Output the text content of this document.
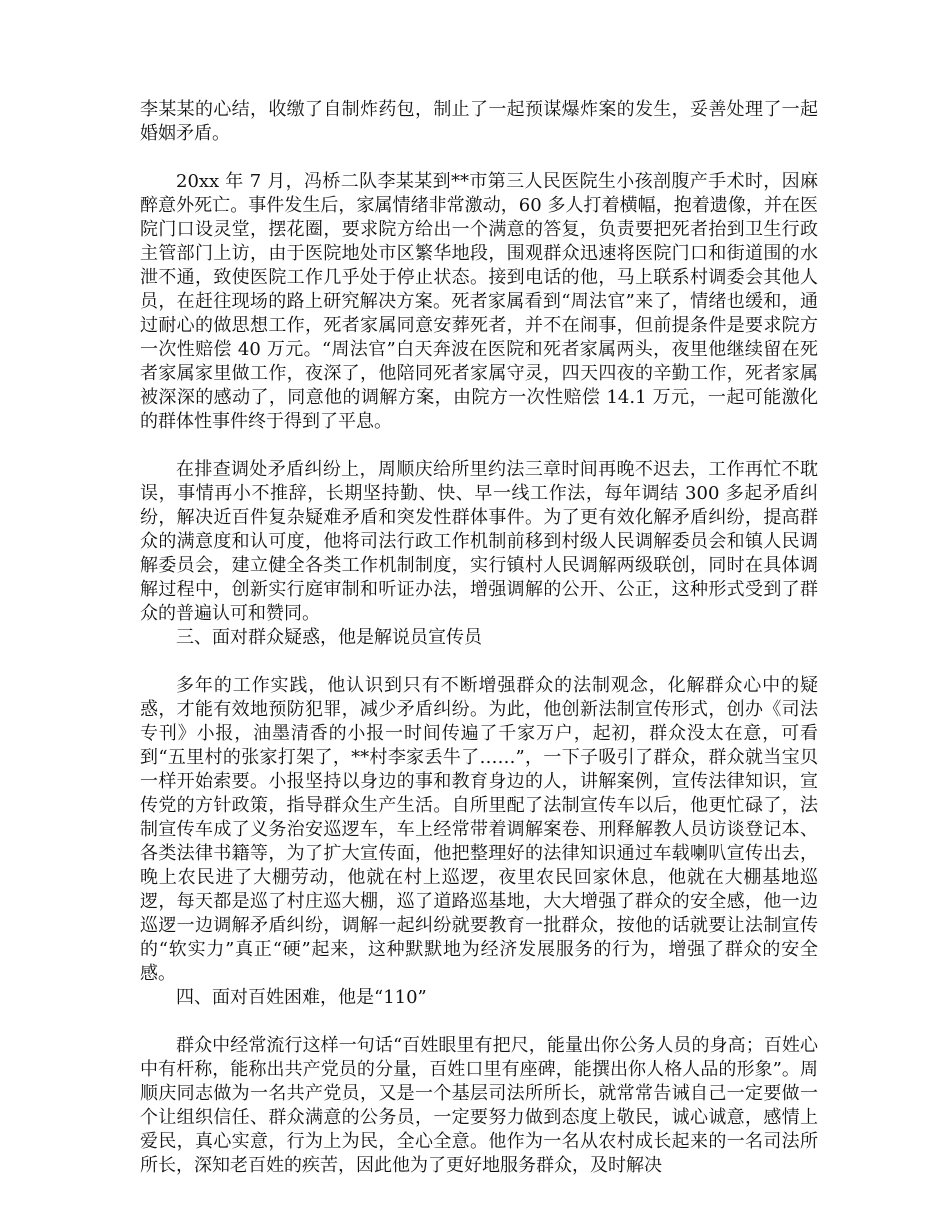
李某某的心结，收缴了自制炸药包，制止了一起预谋爆炸案的发生，妥善处理了一起婚姻矛盾。

20xx 年 7 月，冯桥二队李某某到**市第三人民医院生小孩剖腹产手术时，因麻醉意外死亡。事件发生后，家属情绪非常激动，60 多人打着横幅，抱着遗像，并在医院门口设灵堂，摆花圈，要求院方给出一个满意的答复，负责要把死者抬到卫生行政主管部门上访，由于医院地处市区繁华地段，围观群众迅速将医院门口和街道围的水泄不通，致使医院工作几乎处于停止状态。接到电话的他，马上联系村调委会其他人员，在赶往现场的路上研究解决方案。死者家属看到“周法官”来了，情绪也缓和，通过耐心的做思想工作，死者家属同意安葬死者，并不在闹事，但前提条件是要求院方一次性赔偿 40 万元。“周法官”白天奔波在医院和死者家属两头，夜里他继续留在死者家属家里做工作，夜深了，他陪同死者家属守灵，四天四夜的辛勤工作，死者家属被深深的感动了，同意他的调解方案，由院方一次性赔偿 14.1 万元，一起可能激化的群体性事件终于得到了平息。

在排查调处矛盾纠纷上，周顺庆给所里约法三章时间再晚不迟去，工作再忙不耽误，事情再小不推辞，长期坚持勤、快、早一线工作法，每年调结 300 多起矛盾纠纷，解决近百件复杂疑难矛盾和突发性群体事件。为了更有效化解矛盾纠纷，提高群众的满意度和认可度，他将司法行政工作机制前移到村级人民调解委员会和镇人民调解委员会，建立健全各类工作机制制度，实行镇村人民调解两级联创，同时在具体调解过程中，创新实行庭审制和听证办法，增强调解的公开、公正，这种形式受到了群众的普遍认可和赞同。

三、面对群众疑惑，他是解说员宣传员

多年的工作实践，他认识到只有不断增强群众的法制观念，化解群众心中的疑惑，才能有效地预防犯罪，减少矛盾纠纷。为此，他创新法制宣传形式，创办《司法专刊》小报，油墨清香的小报一时间传遍了千家万户，起初，群众没太在意，可看到“五里村的张家打架了，**村李家丢牛了……”，一下子吸引了群众，群众就当宝贝一样开始索要。小报坚持以身边的事和教育身边的人，讲解案例，宣传法律知识，宣传党的方针政策，指导群众生产生活。自所里配了法制宣传车以后，他更忙碌了，法制宣传车成了义务治安巡逻车，车上经常带着调解案卷、刑释解教人员访谈登记本、各类法律书籍等，为了扩大宣传面，他把整理好的法律知识通过车载喇叭宣传出去，晚上农民进了大棚劳动，他就在村上巡逻，夜里农民回家休息，他就在大棚基地巡逻，每天都是巡了村庄巡大棚，巡了道路巡基地，大大增强了群众的安全感，他一边巡逻一边调解矛盾纠纷，调解一起纠纷就要教育一批群众，按他的话就要让法制宣传的“软实力”真正“硬”起来，这种默默地为经济发展服务的行为，增强了群众的安全感。

四、面对百姓困难，他是“110”

群众中经常流行这样一句话“百姓眼里有把尺，能量出你公务人员的身高；百姓心中有杆称，能称出共产党员的分量，百姓口里有座碑，能撰出你人格人品的形象”。周顺庆同志做为一名共产党员，又是一个基层司法所所长，就常常告诫自己一定要做一个让组织信任、群众满意的公务员，一定要努力做到态度上敬民，诚心诚意，感情上爱民，真心实意，行为上为民，全心全意。他作为一名从农村成长起来的一名司法所所长，深知老百姓的疾苦，因此他为了更好地服务群众，及时解决
